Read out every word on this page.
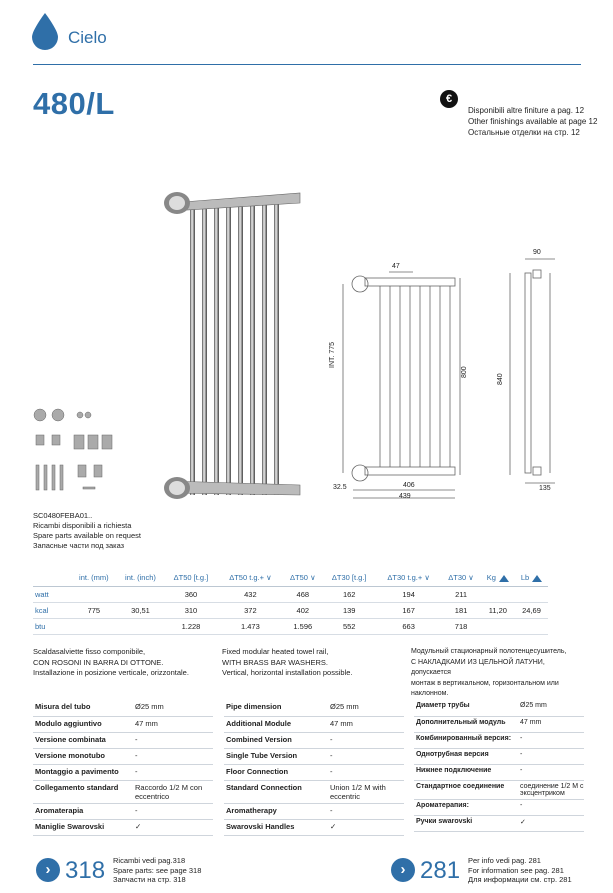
Cielo
480/L	€
Disponibili altre finiture a pag. 12
Other finishings available at page 12
Остальные отделки на стр. 12
47
INT. 775
800
32.5	406
439
90
840
135
SC0480FEBA01..
Ricambi disponibili a richiesta
Spare parts available on request
Запасные части под заказ
	int. (mm)	int. (inch)	ΔT50 [t.g.]	ΔT50 t.g.+ ∨	ΔT50 ∨	ΔT30 [t.g.]	ΔT30 t.g.+ ∨	ΔT30 ∨	Kg	Lb
watt			360	432	468	162	194	211		
kcal	775	30,51	310	372	402	139	167	181	11,20	24,69
btu			1.228	1.473	1.596	552	663	718		
Scaldasalviette fisso componibile,
CON ROSONI IN BARRA DI OTTONE.
Installazione in posizione verticale, orizzontale.
Fixed modular heated towel rail,
WITH BRASS BAR WASHERS.
Vertical, horizontal installation possible.
Модульный стационарный полотенцесушитель,
С НАКЛАДКАМИ ИЗ ЦЕЛЬНОЙ ЛАТУНИ, допускается
монтаж в вертикальном, горизонтальном или
наклонном.
Misura del tubo	Ø25 mm
Modulo aggiuntivo	47 mm
Versione combinata	-
Versione monotubo	-
Montaggio a pavimento	-
Collegamento standard	Raccordo 1/2 M con eccentrico
Aromaterapia	-
Maniglie Swarovski	✓
Pipe dimension	Ø25 mm
Additional Module	47 mm
Combined Version	-
Single Tube Version	-
Floor Connection	-
Standard Connection	Union 1/2 M with eccentric
Aromatherapy	-
Swarovski Handles	✓
Диаметр трубы	Ø25 mm
Дополнительный модуль	47 mm
Комбинированный версия:	-
Однотрубная версия	-
Нижнее подключение	-
Стандартное соединение	соединение 1/2 M с эксцентриком
Ароматерапия:	-
Ручки swarovski	✓
› 318 Ricambi vedi pag.318
Spare parts: see page 318
Запчасти на стр. 318
› 281 Per info vedi pag. 281
For information see pag. 281
Для информации см. стр. 281
